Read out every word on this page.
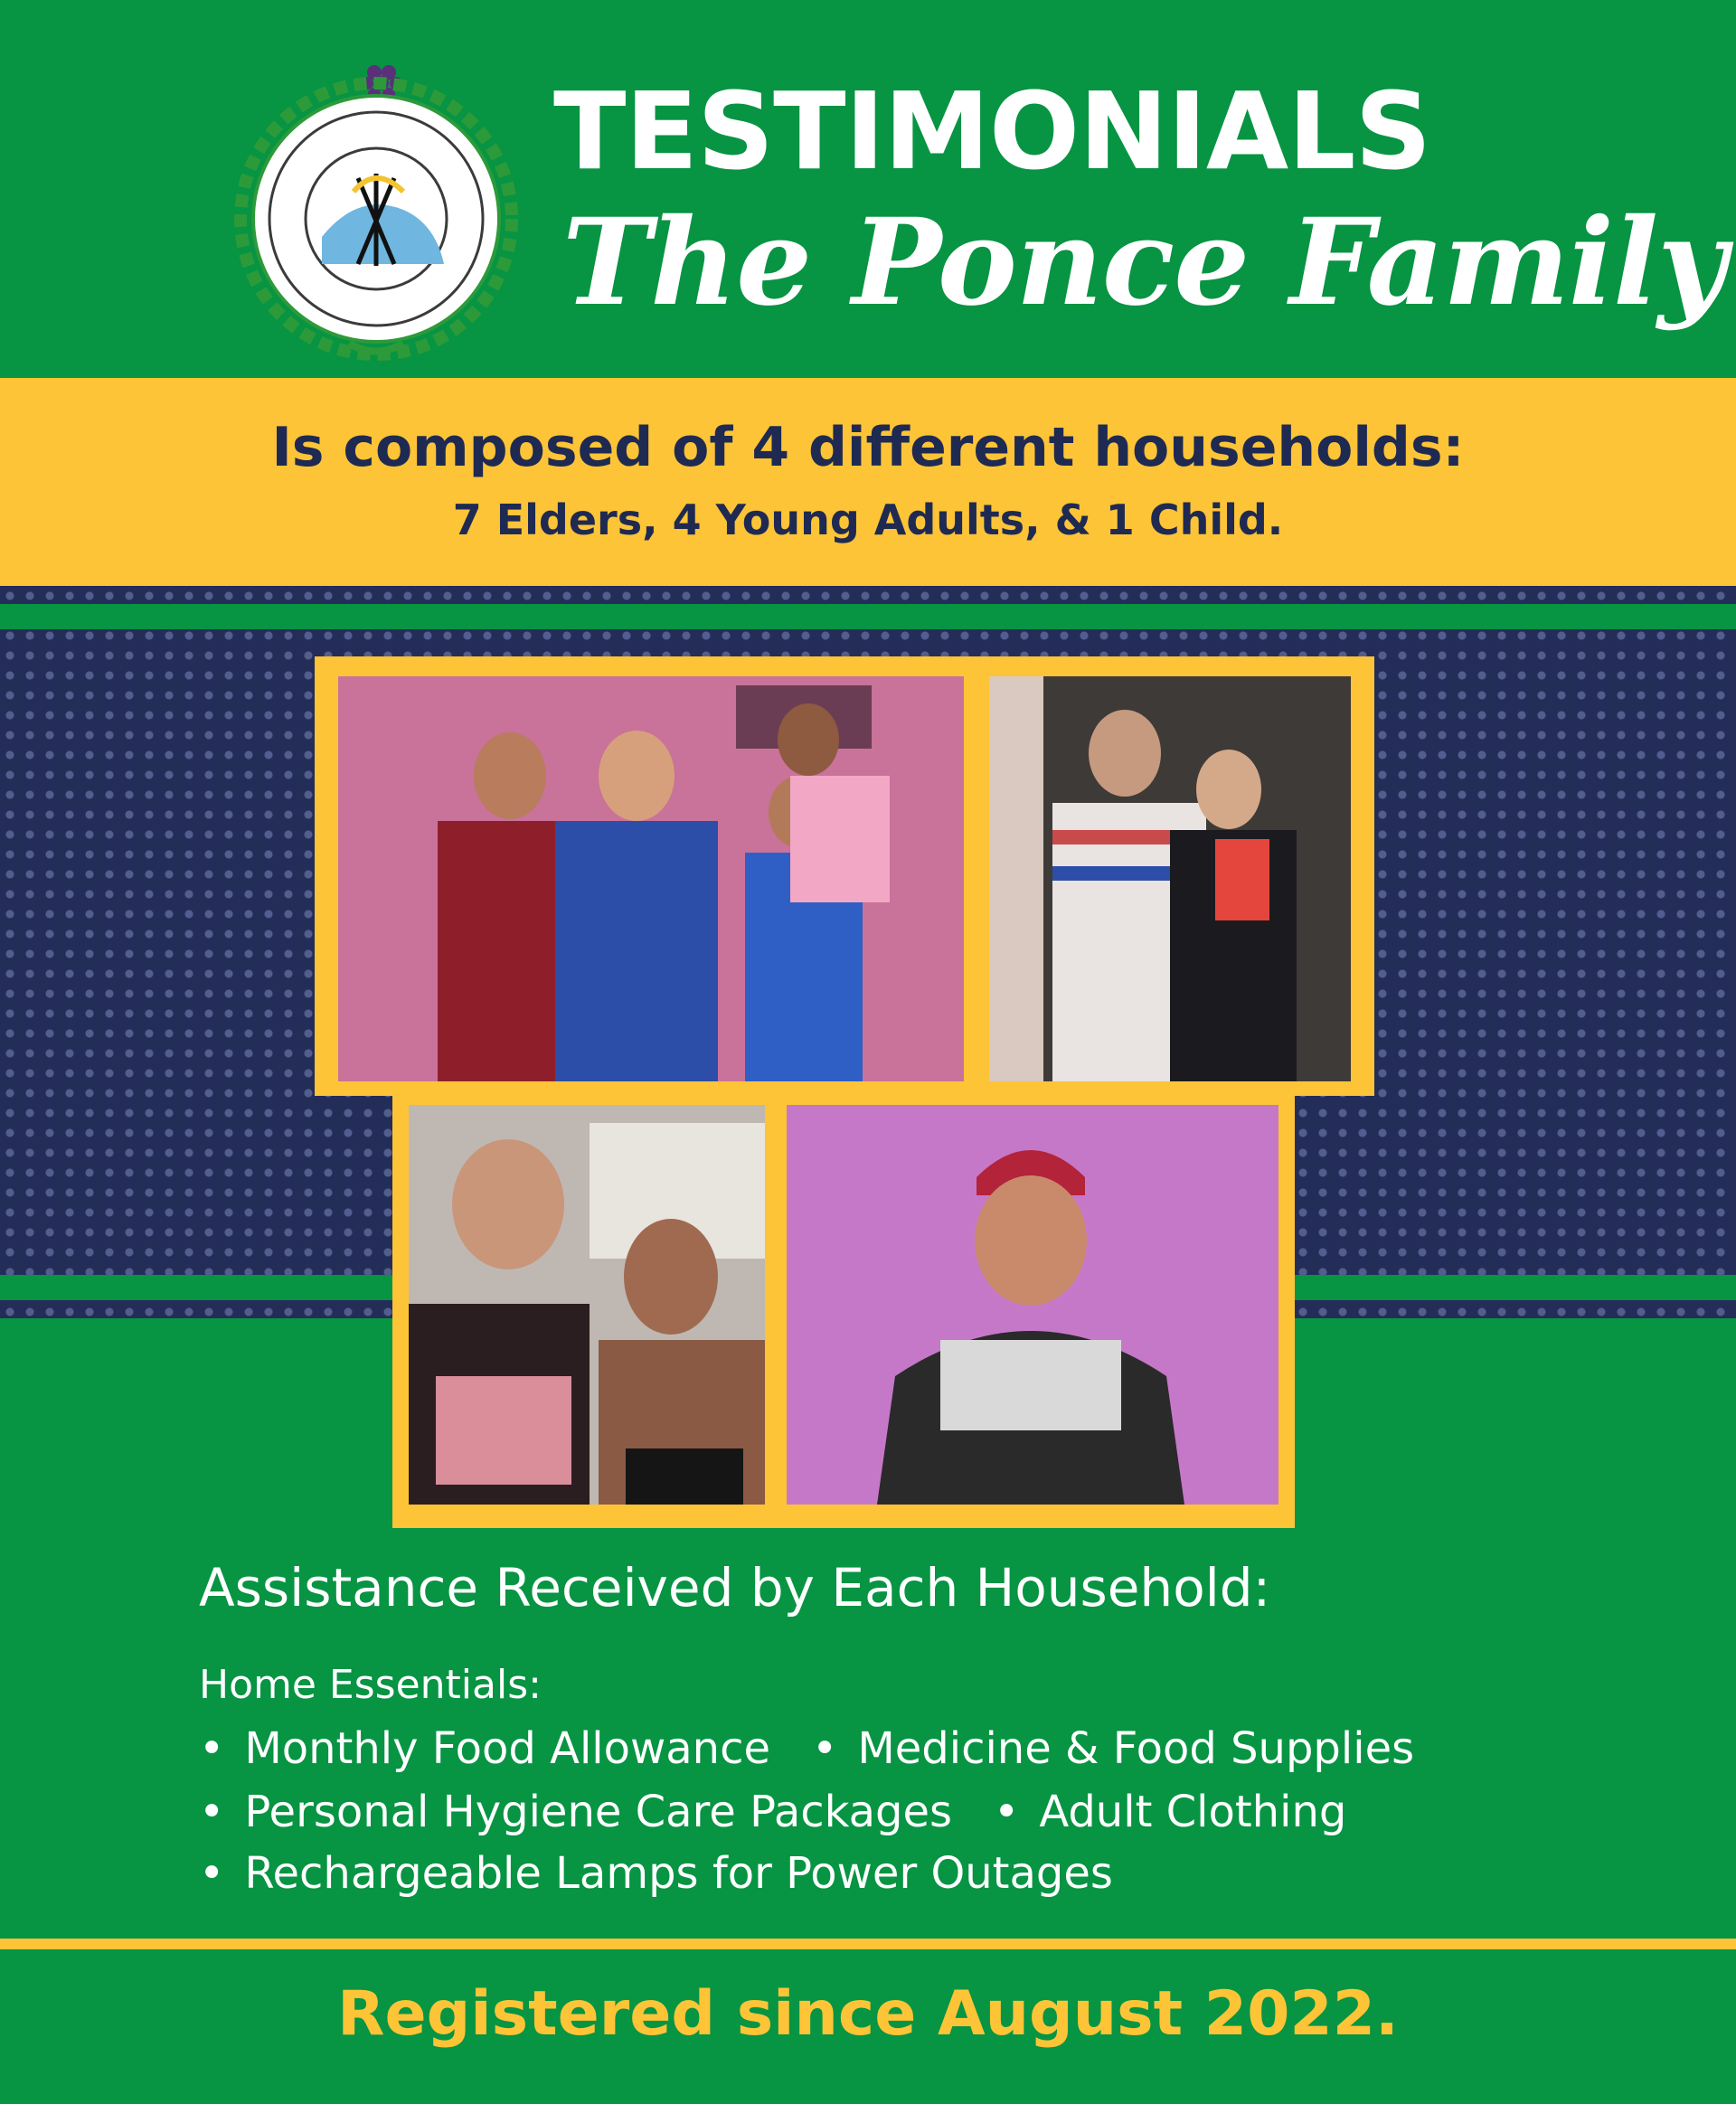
TESTIMONIALS
The Ponce Family

Is composed of 4 different households:

7 Elders, 4 Young Adults, & 1 Child.

Assistance Received by Each Household:

Home Essentials:

• Monthly Food Allowance • Medicine & Food Supplies

• Personal Hygiene Care Packages • Adult Clothing

• Rechargeable Lamps for Power Outages

Registered since August 2022.
